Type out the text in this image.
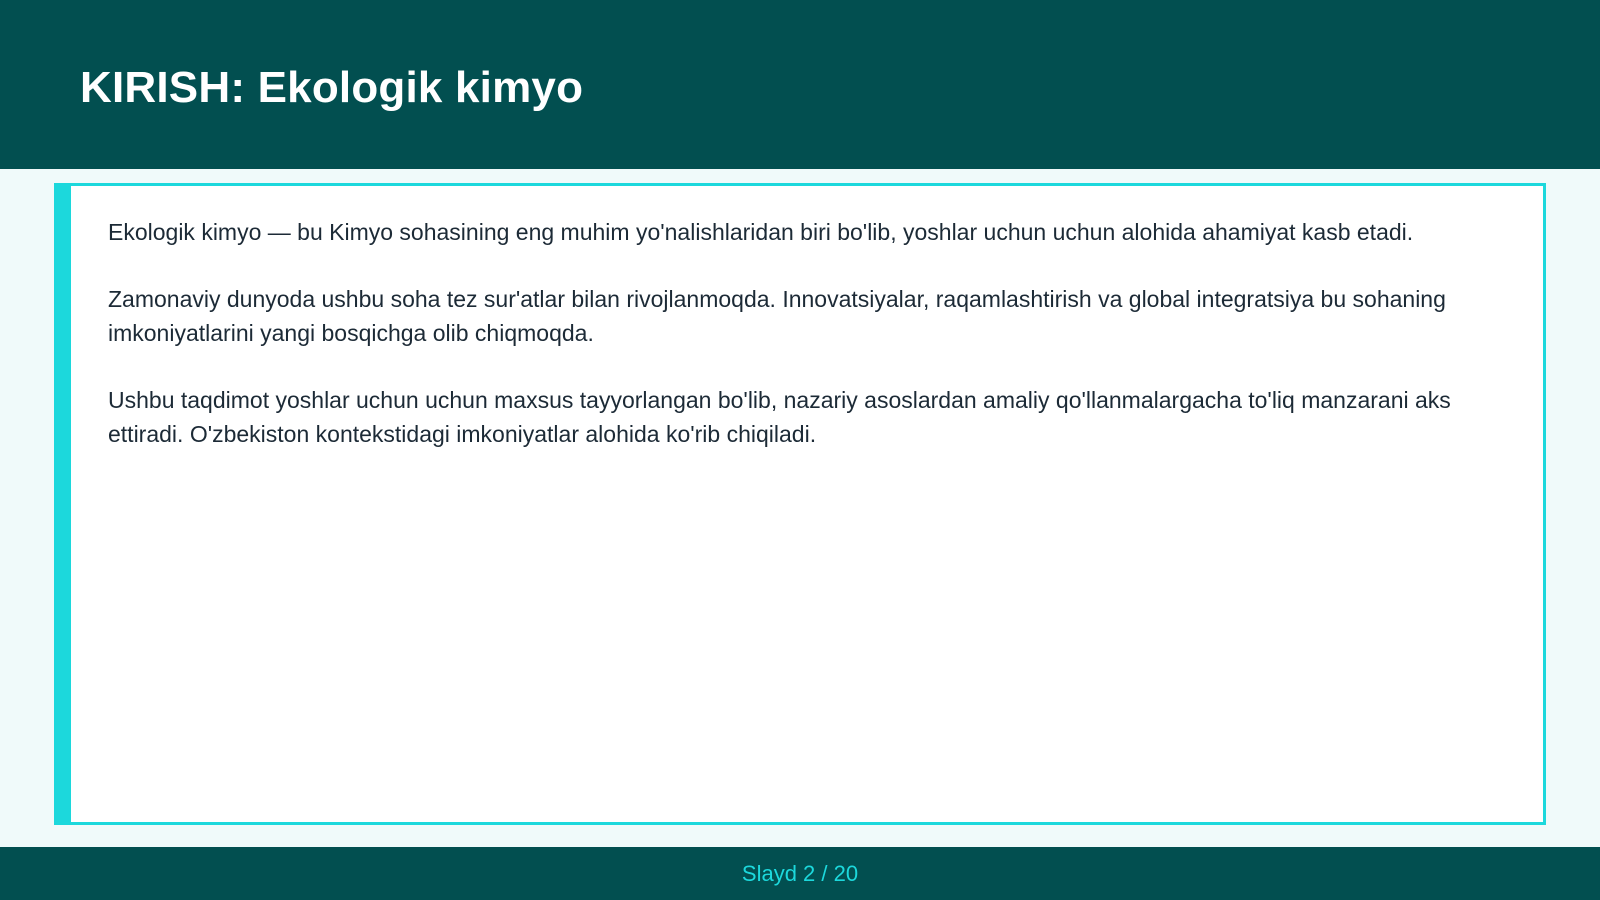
KIRISH: Ekologik kimyo

Ekologik kimyo — bu Kimyo sohasining eng muhim yo'nalishlaridan biri bo'lib, yoshlar uchun uchun alohida ahamiyat kasb etadi.

Zamonaviy dunyoda ushbu soha tez sur'atlar bilan rivojlanmoqda. Innovatsiyalar, raqamlashtirish va global integratsiya bu sohaning imkoniyatlarini yangi bosqichga olib chiqmoqda.

Ushbu taqdimot yoshlar uchun uchun maxsus tayyorlangan bo'lib, nazariy asoslardan amaliy qo'llanmalargacha to'liq manzarani aks ettiradi. O'zbekiston kontekstidagi imkoniyatlar alohida ko'rib chiqiladi.

Slayd 2 / 20
